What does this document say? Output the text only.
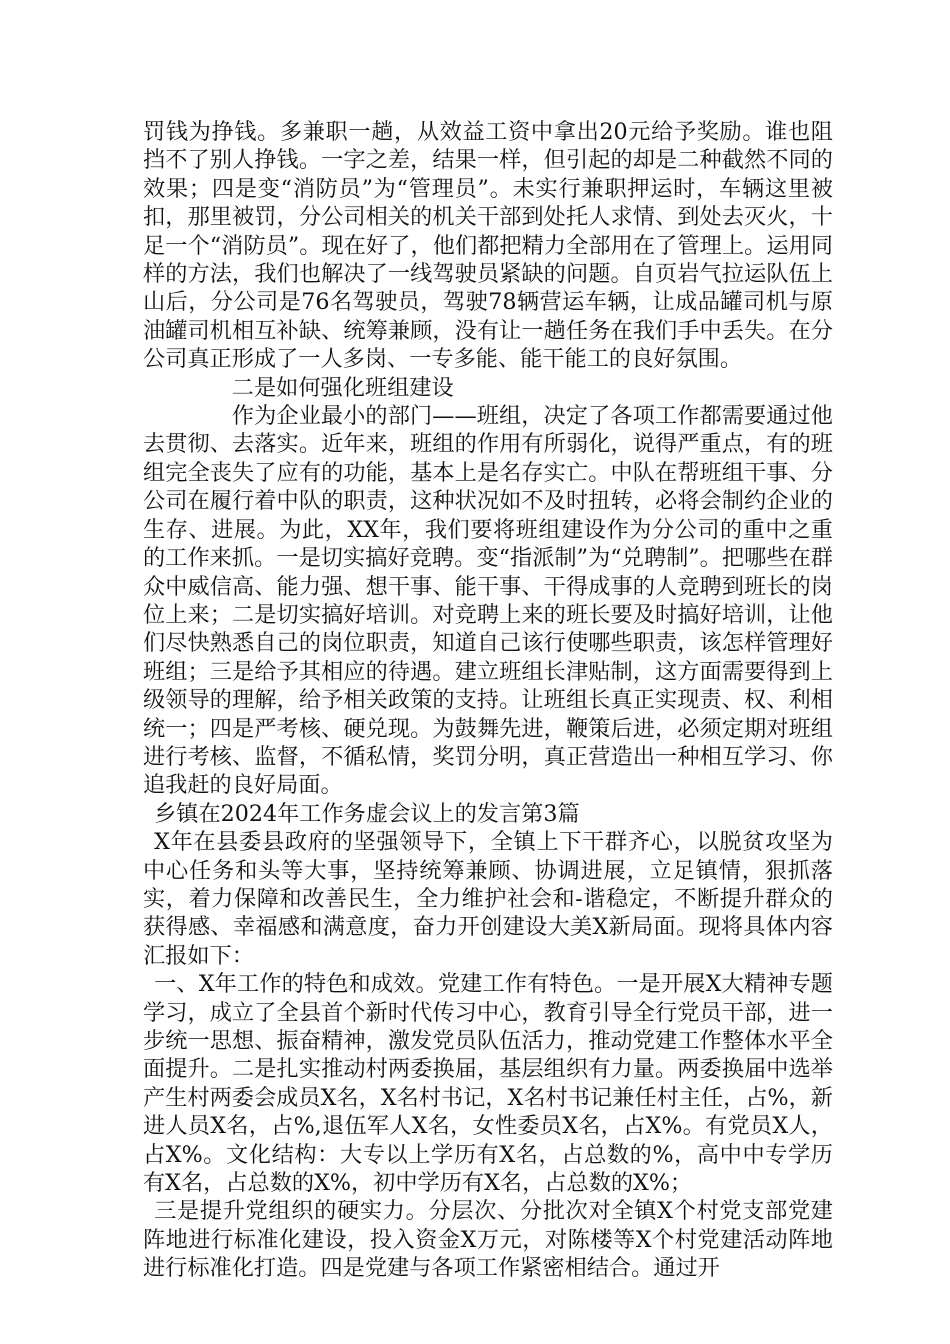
罚钱为挣钱。多兼职一趟，从效益工资中拿出20元给予奖励。谁也阻挡不了别人挣钱。一字之差，结果一样，但引起的却是二种截然不同的效果；四是变“消防员”为“管理员”。未实行兼职押运时，车辆这里被扣，那里被罚，分公司相关的机关干部到处托人求情、到处去灭火，十足一个“消防员”。现在好了，他们都把精力全部用在了管理上。运用同样的方法，我们也解决了一线驾驶员紧缺的问题。自页岩气拉运队伍上山后，分公司是76名驾驶员，驾驶78辆营运车辆，让成品罐司机与原油罐司机相互补缺、统筹兼顾，没有让一趟任务在我们手中丢失。在分公司真正形成了一人多岗、一专多能、能干能工的良好氛围。

二是如何强化班组建设

作为企业最小的部门——班组，决定了各项工作都需要通过他去贯彻、去落实。近年来，班组的作用有所弱化，说得严重点，有的班组完全丧失了应有的功能，基本上是名存实亡。中队在帮班组干事、分公司在履行着中队的职责，这种状况如不及时扭转，必将会制约企业的生存、进展。为此，XX年，我们要将班组建设作为分公司的重中之重的工作来抓。一是切实搞好竞聘。变“指派制”为“兑聘制”。把哪些在群众中威信高、能力强、想干事、能干事、干得成事的人竞聘到班长的岗位上来；二是切实搞好培训。对竞聘上来的班长要及时搞好培训，让他们尽快熟悉自己的岗位职责，知道自己该行使哪些职责，该怎样管理好班组；三是给予其相应的待遇。建立班组长津贴制，这方面需要得到上级领导的理解，给予相关政策的支持。让班组长真正实现责、权、利相统一；四是严考核、硬兑现。为鼓舞先进，鞭策后进，必须定期对班组进行考核、监督，不循私情，奖罚分明，真正营造出一种相互学习、你追我赶的良好局面。

乡镇在2024年工作务虚会议上的发言第3篇

X年在县委县政府的坚强领导下，全镇上下干群齐心，以脱贫攻坚为中心任务和头等大事，坚持统筹兼顾、协调进展，立足镇情，狠抓落实，着力保障和改善民生，全力维护社会和-谐稳定，不断提升群众的获得感、幸福感和满意度，奋力开创建设大美X新局面。现将具体内容汇报如下：

一、X年工作的特色和成效。党建工作有特色。一是开展X大精神专题学习，成立了全县首个新时代传习中心，教育引导全行党员干部，进一步统一思想、振奋精神，激发党员队伍活力，推动党建工作整体水平全面提升。二是扎实推动村两委换届，基层组织有力量。两委换届中选举产生村两委会成员X名，X名村书记，X名村书记兼任村主任，占%，新进人员X名，占%,退伍军人X名，女性委员X名，占X%。有党员X人，占X%。文化结构：大专以上学历有X名，占总数的%，高中中专学历有X名，占总数的X%，初中学历有X名，占总数的X%；

三是提升党组织的硬实力。分层次、分批次对全镇X个村党支部党建阵地进行标准化建设，投入资金X万元，对陈楼等X个村党建活动阵地进行标准化打造。四是党建与各项工作紧密相结合。通过开
